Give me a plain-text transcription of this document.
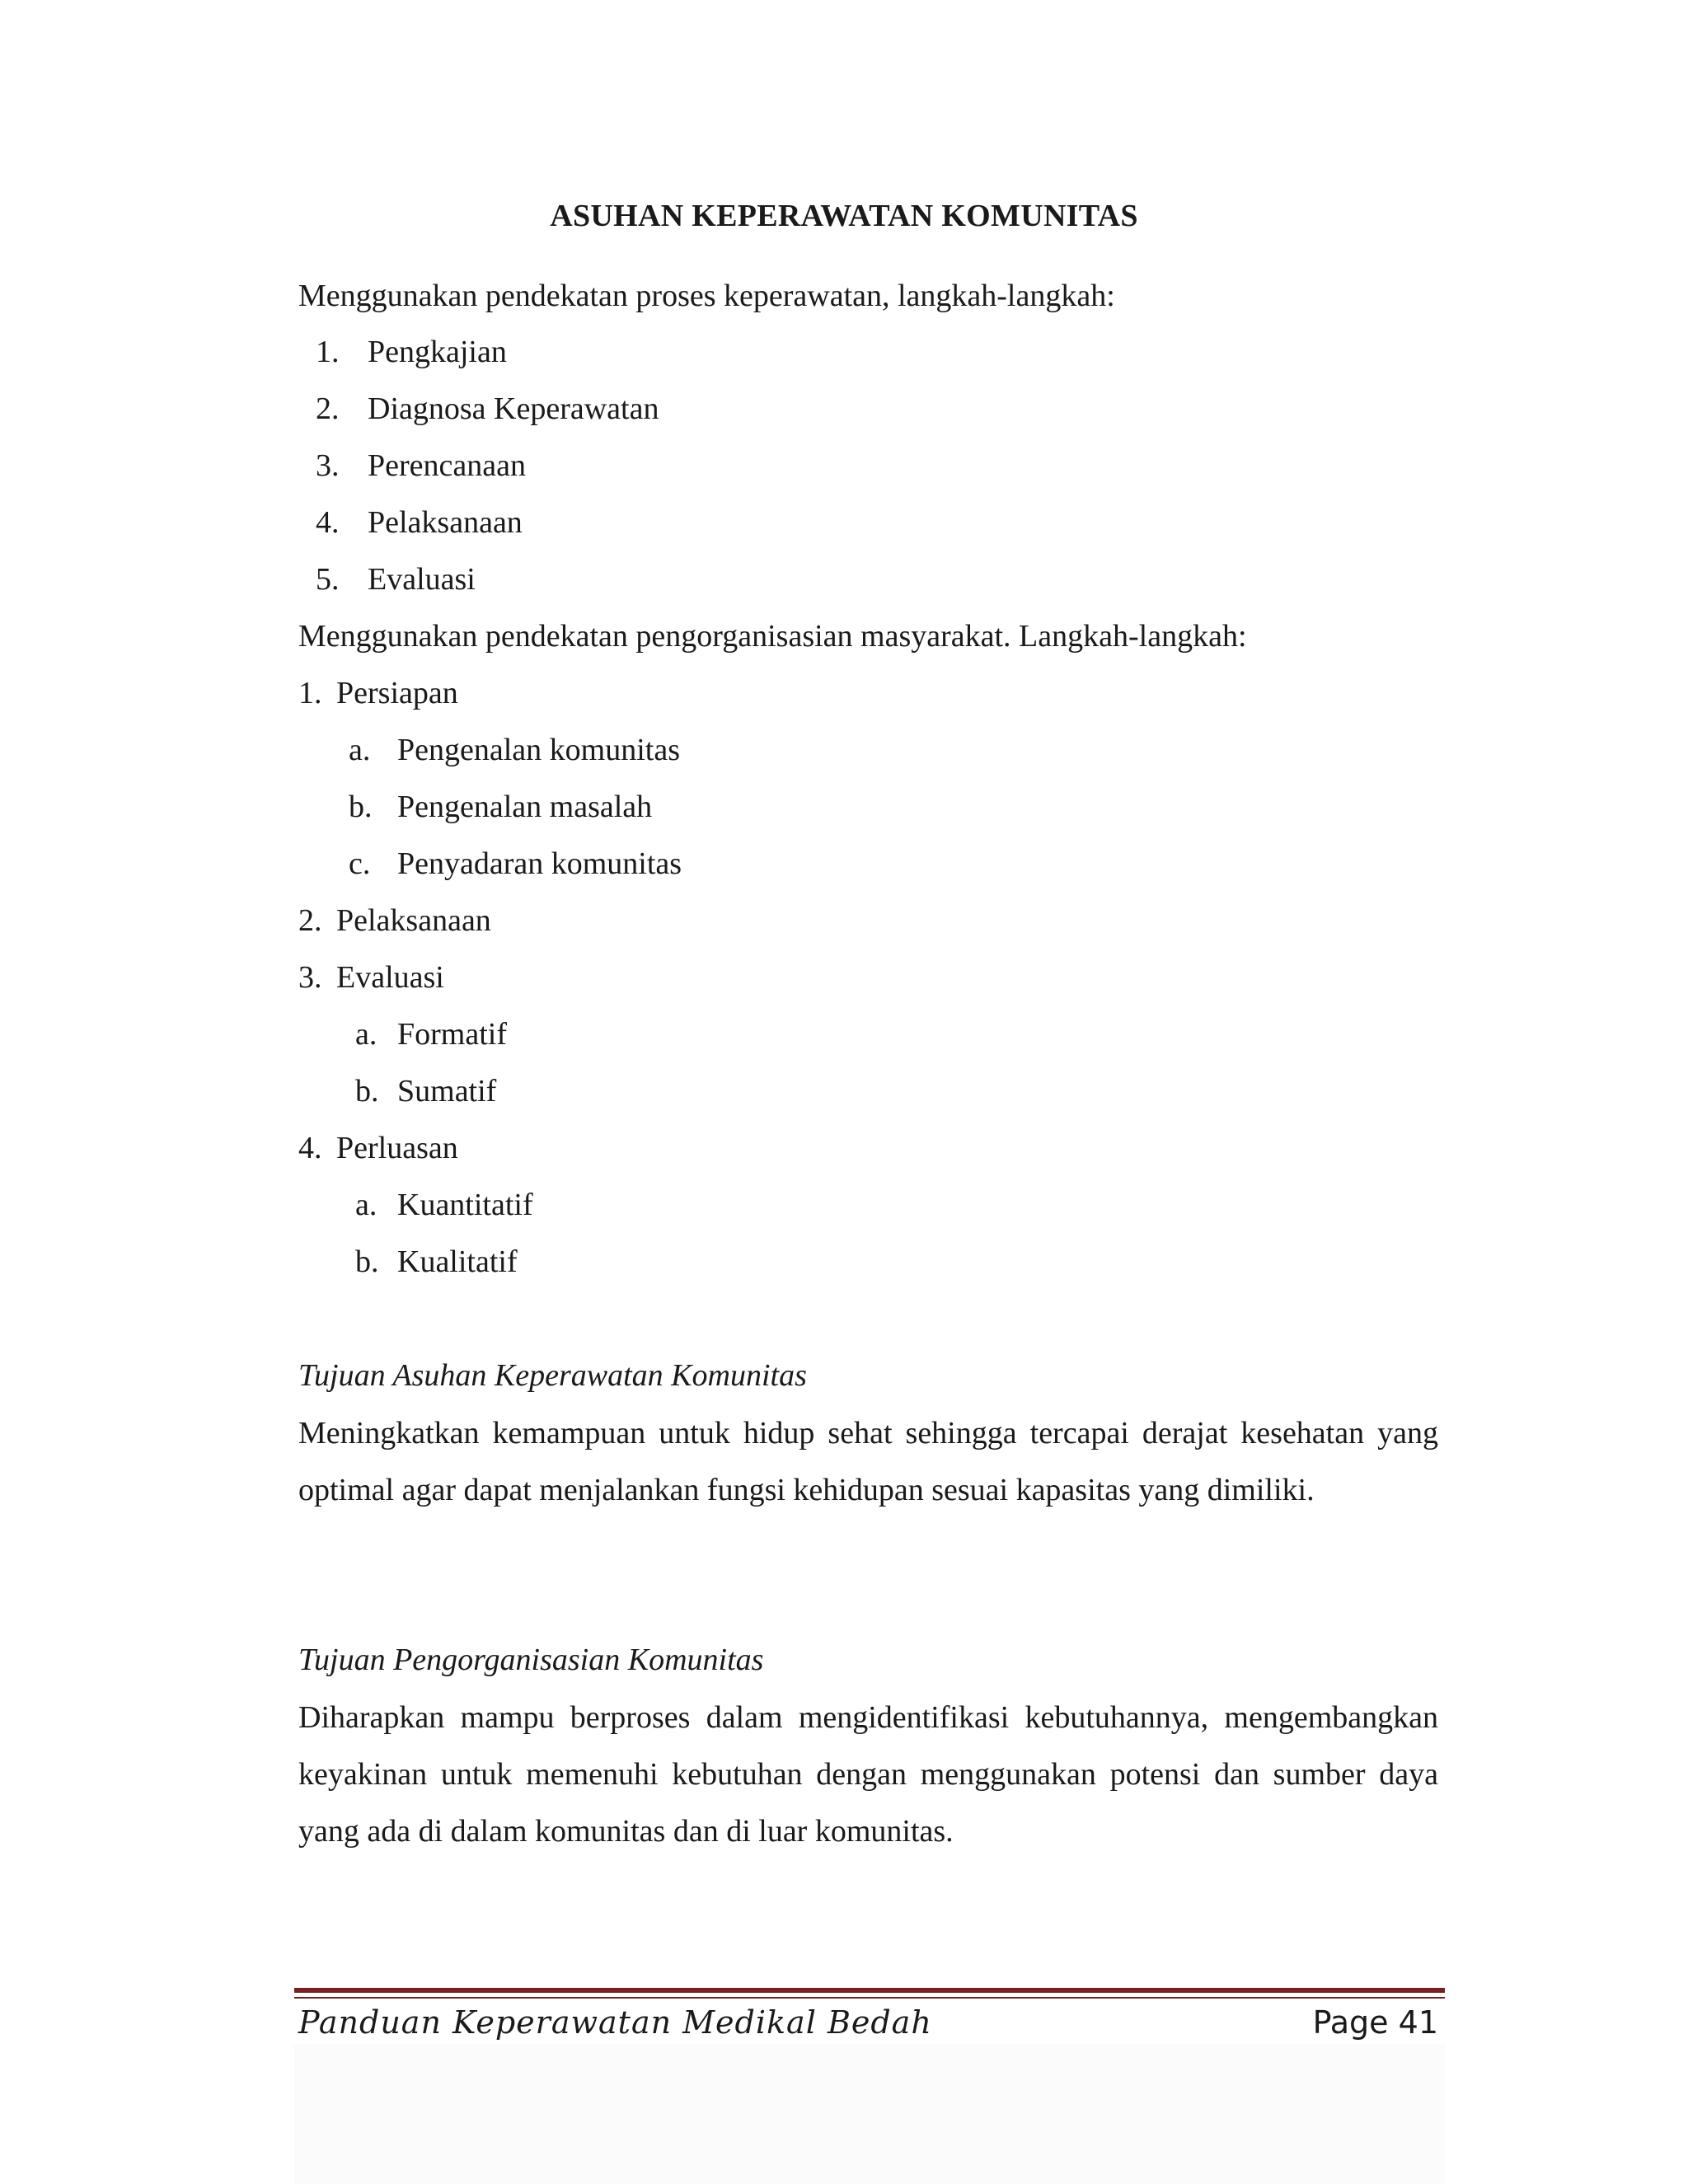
ASUHAN KEPERAWATAN KOMUNITAS
Menggunakan pendekatan proses keperawatan, langkah-langkah:
1. Pengkajian
2. Diagnosa Keperawatan
3. Perencanaan
4. Pelaksanaan
5. Evaluasi
Menggunakan pendekatan pengorganisasian masyarakat. Langkah-langkah:
1. Persiapan
a. Pengenalan komunitas
b. Pengenalan masalah
c. Penyadaran komunitas
2. Pelaksanaan
3. Evaluasi
a. Formatif
b. Sumatif
4. Perluasan
a. Kuantitatif
b. Kualitatif
Tujuan Asuhan Keperawatan Komunitas
Meningkatkan kemampuan untuk hidup sehat sehingga tercapai derajat kesehatan yang optimal agar dapat menjalankan fungsi kehidupan sesuai kapasitas yang dimiliki.
Tujuan Pengorganisasian Komunitas
Diharapkan mampu berproses dalam mengidentifikasi kebutuhannya, mengembangkan keyakinan untuk memenuhi kebutuhan dengan menggunakan potensi dan sumber daya yang ada di dalam komunitas dan di luar komunitas.
Panduan Keperawatan Medikal Bedah	Page 41
